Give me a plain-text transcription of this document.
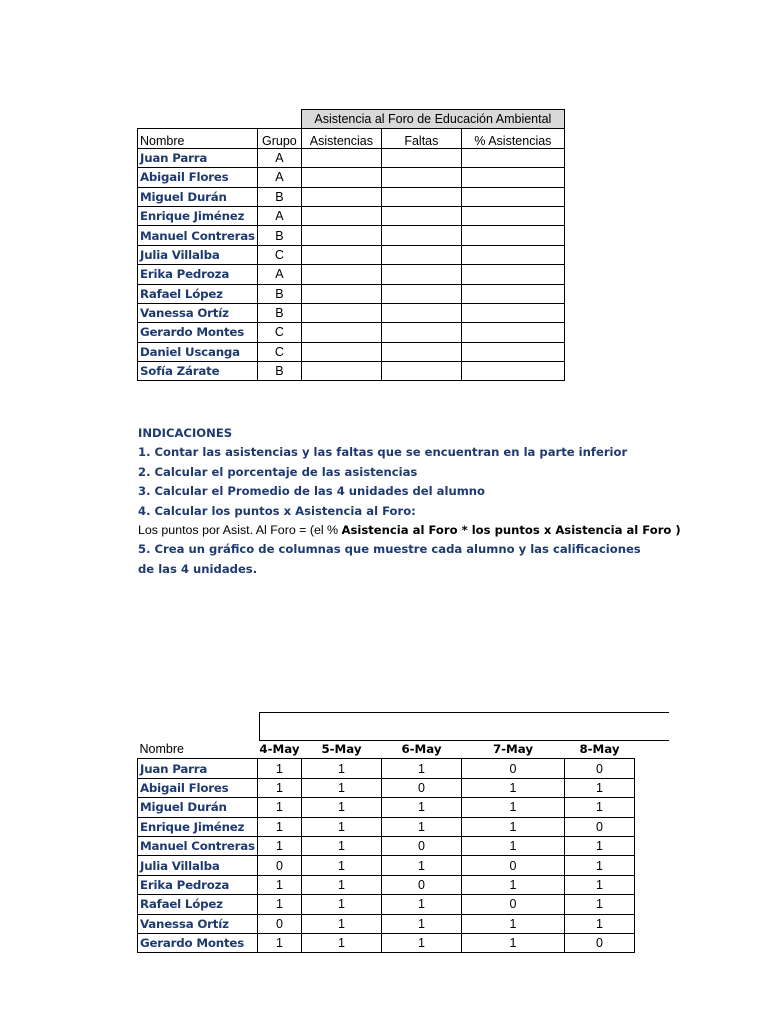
		Asistencia al Foro de Educación Ambiental		
Nombre	Grupo	Asistencias	Faltas	% Asistencias
Juan Parra	A			
Abigail Flores	A			
Miguel Durán	B			
Enrique Jiménez	A			
Manuel Contreras	B			
Julia Villalba	C			
Erika Pedroza	A			
Rafael López	B			
Vanessa Ortíz	B			
Gerardo Montes	C			
Daniel Uscanga	C			
Sofía Zárate	B			
INDICACIONES
1. Contar las asistencias y las faltas que se encuentran en la parte inferior
2. Calcular el porcentaje de las asistencias
3. Calcular el Promedio de las 4 unidades del alumno
4. Calcular los puntos x Asistencia al Foro:
Los puntos por Asist. Al Foro = (el % Asistencia al Foro * los puntos x Asistencia al Foro )
5. Crea un gráfico de columnas que muestre cada alumno y las calificaciones
de las 4 unidades.
Nombre	4-May	5-May	6-May	7-May	8-May
Juan Parra	1	1	1	0	0
Abigail Flores	1	1	0	1	1
Miguel Durán	1	1	1	1	1
Enrique Jiménez	1	1	1	1	0
Manuel Contreras	1	1	0	1	1
Julia Villalba	0	1	1	0	1
Erika Pedroza	1	1	0	1	1
Rafael López	1	1	1	0	1
Vanessa Ortíz	0	1	1	1	1
Gerardo Montes	1	1	1	1	0
